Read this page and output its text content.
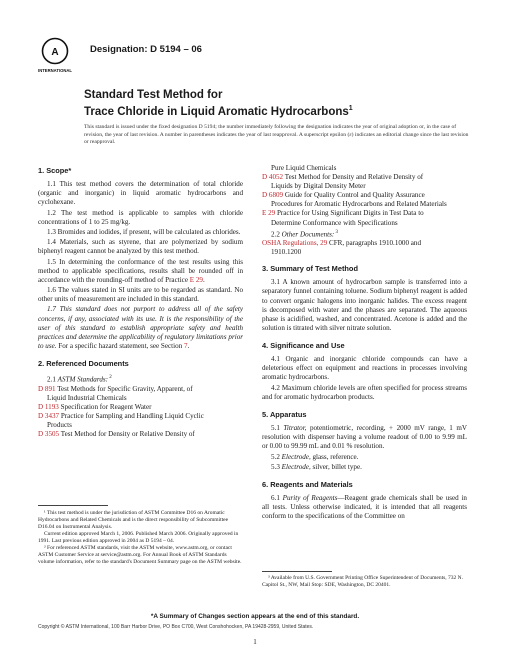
A
INTERNATIONAL
Designation: D 5194 – 06
Standard Test Method for
Trace Chloride in Liquid Aromatic Hydrocarbons$^1$
This standard is issued under the fixed designation D 5194; the number immediately following the designation indicates the year of original adoption or, in the case of revision, the year of last revision. A number in parentheses indicates the year of last reapproval. A superscript epsilon (ε) indicates an editorial change since the last revision or reapproval.
1. Scope*

1.1 This test method covers the determination of total chloride (organic and inorganic) in liquid aromatic hydrocarbons and cyclohexane.

1.2 The test method is applicable to samples with chloride concentrations of 1 to 25 mg/kg.

1.3 Bromides and iodides, if present, will be calculated as chlorides.

1.4 Materials, such as styrene, that are polymerized by sodium biphenyl reagent cannot be analyzed by this test method.

1.5 In determining the conformance of the test results using this method to applicable specifications, results shall be rounded off in accordance with the rounding-off method of Practice E 29.

1.6 The values stated in SI units are to be regarded as standard. No other units of measurement are included in this standard.

1.7 This standard does not purport to address all of the safety concerns, if any, associated with its use. It is the responsibility of the user of this standard to establish appropriate safety and health practices and determine the applicability of regulatory limitations prior to use. For a specific hazard statement, see Section 7.

2. Referenced Documents

2.1 ASTM Standards: $^2$

D 891 Test Methods for Specific Gravity, Apparent, of

Liquid Industrial Chemicals

D 1193 Specification for Reagent Water

D 3437 Practice for Sampling and Handling Liquid Cyclic

Products

D 3505 Test Method for Density or Relative Density of

¹ This test method is under the jurisdiction of ASTM Committee D16 on Aromatic Hydrocarbons and Related Chemicals and is the direct responsibility of Subcommittee D16.04 on Instrumental Analysis.

Current edition approved March 1, 2006. Published March 2006. Originally approved in 1991. Last previous edition approved in 2004 as D 5194 – 04.

² For referenced ASTM standards, visit the ASTM website, www.astm.org, or contact ASTM Customer Service at service@astm.org. For Annual Book of ASTM Standards volume information, refer to the standard's Document Summary page on the ASTM website.

Pure Liquid Chemicals

D 4052 Test Method for Density and Relative Density of

Liquids by Digital Density Meter

D 6809 Guide for Quality Control and Quality Assurance

Procedures for Aromatic Hydrocarbons and Related Materials

E 29 Practice for Using Significant Digits in Test Data to

Determine Conformance with Specifications

2.2 Other Documents: $^3$

OSHA Regulations, 29 CFR, paragraphs 1910.1000 and

1910.1200

3. Summary of Test Method

3.1 A known amount of hydrocarbon sample is transferred into a separatory funnel containing toluene. Sodium biphenyl reagent is added to convert organic halogens into inorganic halides. The excess reagent is decomposed with water and the phases are separated. The aqueous phase is acidified, washed, and concentrated. Acetone is added and the solution is titrated with silver nitrate solution.

4. Significance and Use

4.1 Organic and inorganic chloride compounds can have a deleterious effect on equipment and reactions in processes involving aromatic hydrocarbons.

4.2 Maximum chloride levels are often specified for process streams and for aromatic hydrocarbon products.

5. Apparatus

5.1 Titrator, potentiometric, recording, + 2000 mV range, 1 mV resolution with dispenser having a volume readout of 0.00 to 9.99 mL or 0.00 to 99.99 mL and 0.01 % resolution.

5.2 Electrode, glass, reference.

5.3 Electrode, silver, billet type.

6. Reagents and Materials

6.1 Purity of Reagents—Reagent grade chemicals shall be used in all tests. Unless otherwise indicated, it is intended that all reagents conform to the specifications of the Committee on

³ Available from U.S. Government Printing Office Superintendent of Documents, 732 N. Capitol St., NW, Mail Stop: SDE, Washington, DC 20401.

*A Summary of Changes section appears at the end of this standard.
Copyright © ASTM International, 100 Barr Harbor Drive, PO Box C700, West Conshohocken, PA 19428-2959, United States.
1
